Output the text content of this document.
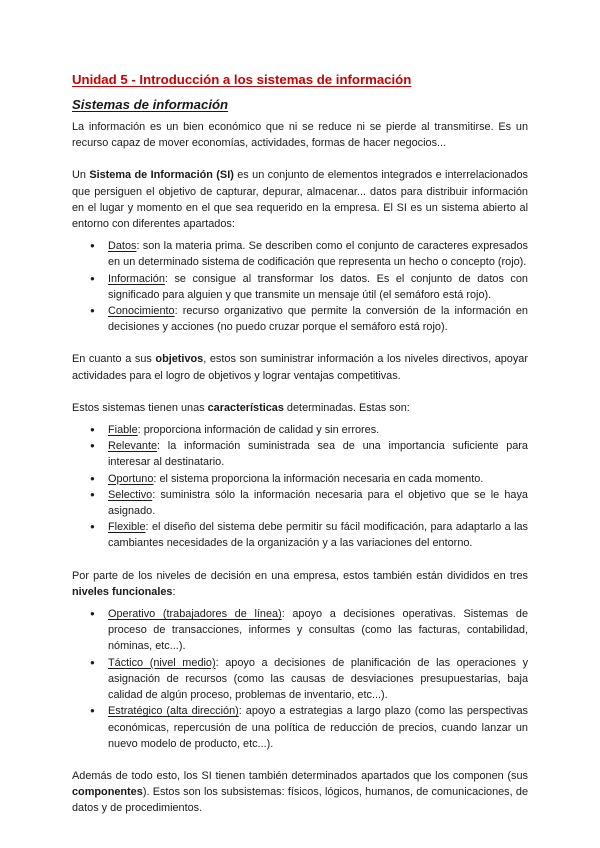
Unidad 5 - Introducción a los sistemas de información
Sistemas de información

La información es un bien económico que ni se reduce ni se pierde al transmitirse. Es un recurso capaz de mover economías, actividades, formas de hacer negocios...

Un Sistema de Información (SI) es un conjunto de elementos integrados e interrelacionados que persiguen el objetivo de capturar, depurar, almacenar... datos para distribuir información en el lugar y momento en el que sea requerido en la empresa. El SI es un sistema abierto al entorno con diferentes apartados:

● Datos: son la materia prima. Se describen como el conjunto de caracteres expresados en un determinado sistema de codificación que representa un hecho o concepto (rojo).
● Información: se consigue al transformar los datos. Es el conjunto de datos con significado para alguien y que transmite un mensaje útil (el semáforo está rojo).
● Conocimiento: recurso organizativo que permite la conversión de la información en decisiones y acciones (no puedo cruzar porque el semáforo está rojo).

En cuanto a sus objetivos, estos son suministrar información a los niveles directivos, apoyar actividades para el logro de objetivos y lograr ventajas competitivas.

Estos sistemas tienen unas características determinadas. Estas son:

● Fiable: proporciona información de calidad y sin errores.
● Relevante: la información suministrada sea de una importancia suficiente para interesar al destinatario.
● Oportuno: el sistema proporciona la información necesaria en cada momento.
● Selectivo: suministra sólo la información necesaria para el objetivo que se le haya asignado.
● Flexible: el diseño del sistema debe permitir su fácil modificación, para adaptarlo a las cambiantes necesidades de la organización y a las variaciones del entorno.

Por parte de los niveles de decisión en una empresa, estos también están divididos en tres niveles funcionales:

● Operativo (trabajadores de línea): apoyo a decisiones operativas. Sistemas de proceso de transacciones, informes y consultas (como las facturas, contabilidad, nóminas, etc...).
● Táctico (nivel medio): apoyo a decisiones de planificación de las operaciones y asignación de recursos (como las causas de desviaciones presupuestarias, baja calidad de algún proceso, problemas de inventario, etc...).
● Estratégico (alta dirección): apoyo a estrategias a largo plazo (como las perspectivas económicas, repercusión de una política de reducción de precios, cuando lanzar un nuevo modelo de producto, etc...).

Además de todo esto, los SI tienen también determinados apartados que los componen (sus componentes). Estos son los subsistemas: físicos, lógicos, humanos, de comunicaciones, de datos y de procedimientos.
